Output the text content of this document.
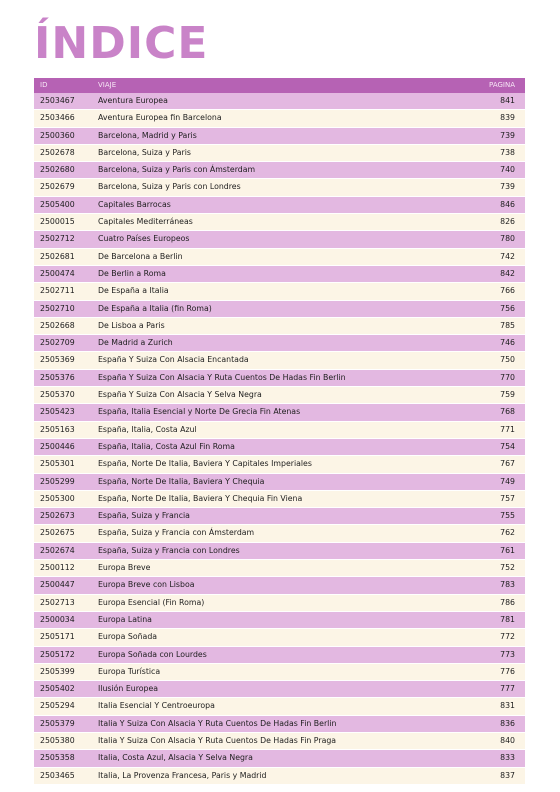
ÍNDICE
ID	VIAJE	PAGINA
2503467	Aventura Europea	841
2503466	Aventura Europea fin Barcelona	839
2500360	Barcelona, Madrid y Paris	739
2502678	Barcelona, Suiza y Paris	738
2502680	Barcelona, Suiza y Paris con Ámsterdam	740
2502679	Barcelona, Suiza y Paris con Londres	739
2505400	Capitales Barrocas	846
2500015	Capitales Mediterráneas	826
2502712	Cuatro Países Europeos	780
2502681	De Barcelona a Berlin	742
2500474	De Berlin a Roma	842
2502711	De España a Italia	766
2502710	De España a Italia (fin Roma)	756
2502668	De Lisboa a Paris	785
2502709	De Madrid a Zurich	746
2505369	España Y Suiza Con Alsacia Encantada	750
2505376	España Y Suiza Con Alsacia Y Ruta Cuentos De Hadas Fin Berlin	770
2505370	España Y Suiza Con Alsacia Y Selva Negra	759
2505423	España, Italia Esencial y Norte De Grecia Fin Atenas	768
2505163	España, Italia, Costa Azul	771
2500446	España, Italia, Costa Azul Fin Roma	754
2505301	España, Norte De Italia, Baviera Y Capitales Imperiales	767
2505299	España, Norte De Italia, Baviera Y Chequia	749
2505300	España, Norte De Italia, Baviera Y Chequia Fin Viena	757
2502673	España, Suiza y Francia	755
2502675	España, Suiza y Francia con Ámsterdam	762
2502674	España, Suiza y Francia con Londres	761
2500112	Europa Breve	752
2500447	Europa Breve con Lisboa	783
2502713	Europa Esencial (Fin Roma)	786
2500034	Europa Latina	781
2505171	Europa Soñada	772
2505172	Europa Soñada con Lourdes	773
2505399	Europa Turística	776
2505402	Ilusión Europea	777
2505294	Italia Esencial Y Centroeuropa	831
2505379	Italia Y Suiza Con Alsacia Y Ruta Cuentos De Hadas Fin Berlin	836
2505380	Italia Y Suiza Con Alsacia Y Ruta Cuentos De Hadas Fin Praga	840
2505358	Italia, Costa Azul, Alsacia Y Selva Negra	833
2503465	Italia, La Provenza Francesa, Paris y Madrid	837
